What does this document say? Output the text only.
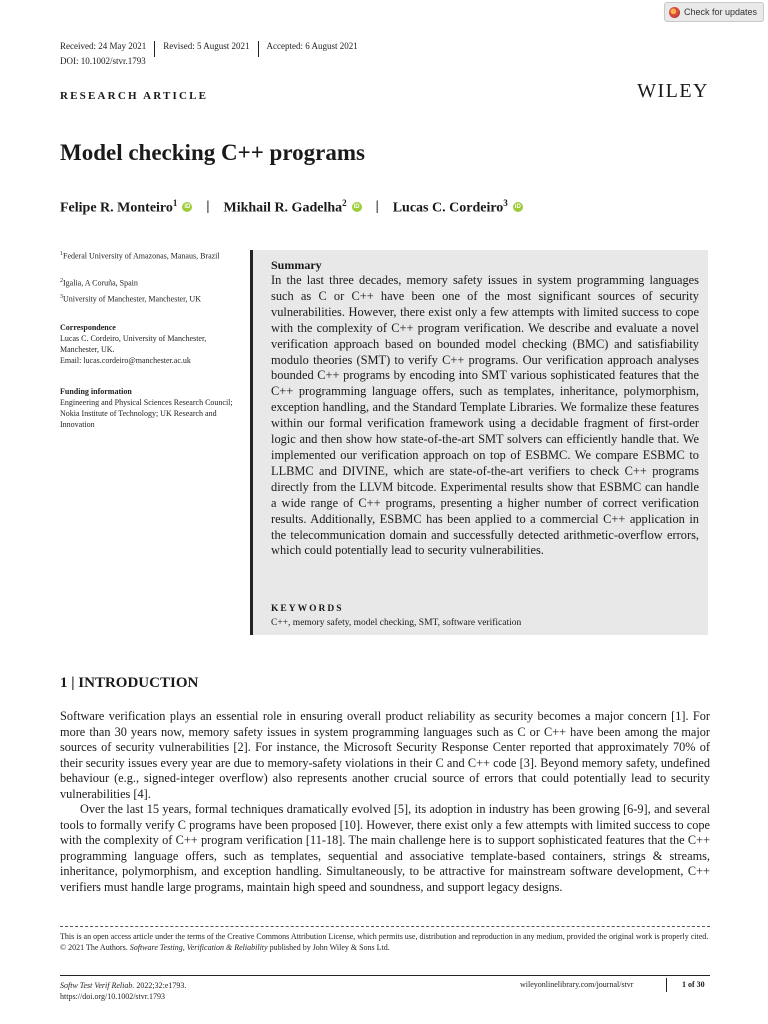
Check for updates
Received: 24 May 2021 Revised: 5 August 2021 Accepted: 6 August 2021
DOI: 10.1002/stvr.1793
RESEARCH ARTICLE	WILEY
Model checking C++ programs
Felipe R. Monteiro$^1$	iD | Mikhail R. Gadelha$^2$	iD | Lucas C. Cordeiro$^3$	iD
$^1$Federal University of Amazonas, Manaus, Brazil
$^2$Igalia, A Coruña, Spain
$^3$University of Manchester, Manchester, UK
Correspondence
Lucas C. Cordeiro, University of Manchester, Manchester, UK.
Email: lucas.cordeiro@manchester.ac.uk
Funding information
Engineering and Physical Sciences Research Council; Nokia Institute of Technology; UK Research and Innovation
Summary

In the last three decades, memory safety issues in system programming languages such as C or C++ have been one of the most significant sources of security vulnerabilities. However, there exist only a few attempts with limited success to cope with the complexity of C++ program verification. We describe and evaluate a novel verification approach based on bounded model checking (BMC) and satisfiability modulo theories (SMT) to verify C++ programs. Our verification approach analyses bounded C++ programs by encoding into SMT various sophisticated features that the C++ programming language offers, such as templates, inheritance, polymorphism, exception handling, and the Standard Template Libraries. We formalize these features within our formal verification framework using a decidable fragment of first-order logic and then show how state-of-the-art SMT solvers can efficiently handle that. We implemented our verification approach on top of ESBMC. We compare ESBMC to LLBMC and DIVINE, which are state-of-the-art verifiers to check C++ programs directly from the LLVM bitcode. Experimental results show that ESBMC can handle a wide range of C++ programs, presenting a higher number of correct verification results. Additionally, ESBMC has been applied to a commercial C++ application in the telecommunication domain and successfully detected arithmetic-overflow errors, which could potentially lead to security vulnerabilities.

KEYWORDS
C++, memory safety, model checking, SMT, software verification
1 | INTRODUCTION

Software verification plays an essential role in ensuring overall product reliability as security becomes a major concern [1]. For more than 30 years now, memory safety issues in system programming languages such as C or C++ have been among the major sources of security vulnerabilities [2]. For instance, the Microsoft Security Response Center reported that approximately 70% of their security issues every year are due to memory-safety violations in their C and C++ code [3]. Beyond memory safety, undefined behaviour (e.g., signed-integer overflow) also represents another crucial source of errors that could potentially lead to security vulnerabilities [4].

Over the last 15 years, formal techniques dramatically evolved [5], its adoption in industry has been growing [6-9], and several tools to formally verify C programs have been proposed [10]. However, there exist only a few attempts with limited success to cope with the complexity of C++ program verification [11-18]. The main challenge here is to support sophisticated features that the C++ programming language offers, such as templates, sequential and associative template-based containers, strings & streams, inheritance, polymorphism, and exception handling. Simultaneously, to be attractive for mainstream software development, C++ verifiers must handle large programs, maintain high speed and soundness, and support legacy designs.

This is an open access article under the terms of the Creative Commons Attribution License, which permits use, distribution and reproduction in any medium, provided the original work is properly cited.

© 2021 The Authors. Software Testing, Verification & Reliability published by John Wiley & Sons Ltd.

Softw Test Verif Reliab. 2022;32:e1793.
https://doi.org/10.1002/stvr.1793
wileyonlinelibrary.com/journal/stvr	1 of 30
